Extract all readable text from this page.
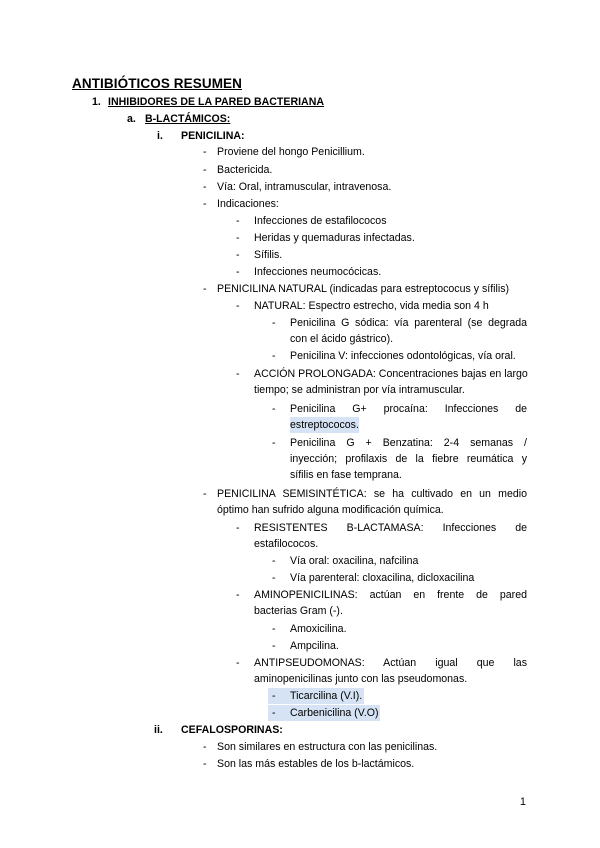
ANTIBIÓTICOS RESUMEN
1. INHIBIDORES DE LA PARED BACTERIANA
a. B-LACTÁMICOS:
i. PENICILINA:
- Proviene del hongo Penicillium.
- Bactericida.
- Vía: Oral, intramuscular, intravenosa.
- Indicaciones:
- Infecciones de estafilococos
- Heridas y quemaduras infectadas.
- Sífilis.
- Infecciones neumocócicas.
- PENICILINA NATURAL (indicadas para estreptococus y sífilis)
- NATURAL: Espectro estrecho, vida media son 4 h
- Penicilina G sódica: vía parenteral (se degrada
con el ácido gástrico).
- Penicilina V: infecciones odontológicas, vía oral.
- ACCIÓN PROLONGADA: Concentraciones bajas en largo
tiempo; se administran por vía intramuscular.
- Penicilina G+ procaína: Infecciones de
estreptococos.
- Penicilina G + Benzatina: 2-4 semanas /
inyección; profilaxis de la fiebre reumática y
sífilis en fase temprana.
- PENICILINA SEMISINTÉTICA: se ha cultivado en un medio
óptimo han sufrido alguna modificación química.
- RESISTENTES B-LACTAMASA: Infecciones de
estafilococos.
- Vía oral: oxacilina, nafcilina
- Vía parenteral: cloxacilina, dicloxacilina
- AMINOPENICILINAS: actúan en frente de pared
bacterias Gram (-).
- Amoxicilina.
- Ampcilina.
- ANTIPSEUDOMONAS: Actúan igual que las
aminopenicilinas junto con las pseudomonas.
- Ticarcilina (V.I).
- Carbenicilina (V.O)
ii. CEFALOSPORINAS:
- Son similares en estructura con las penicilinas.
- Son las más estables de los b-lactámicos.
1
